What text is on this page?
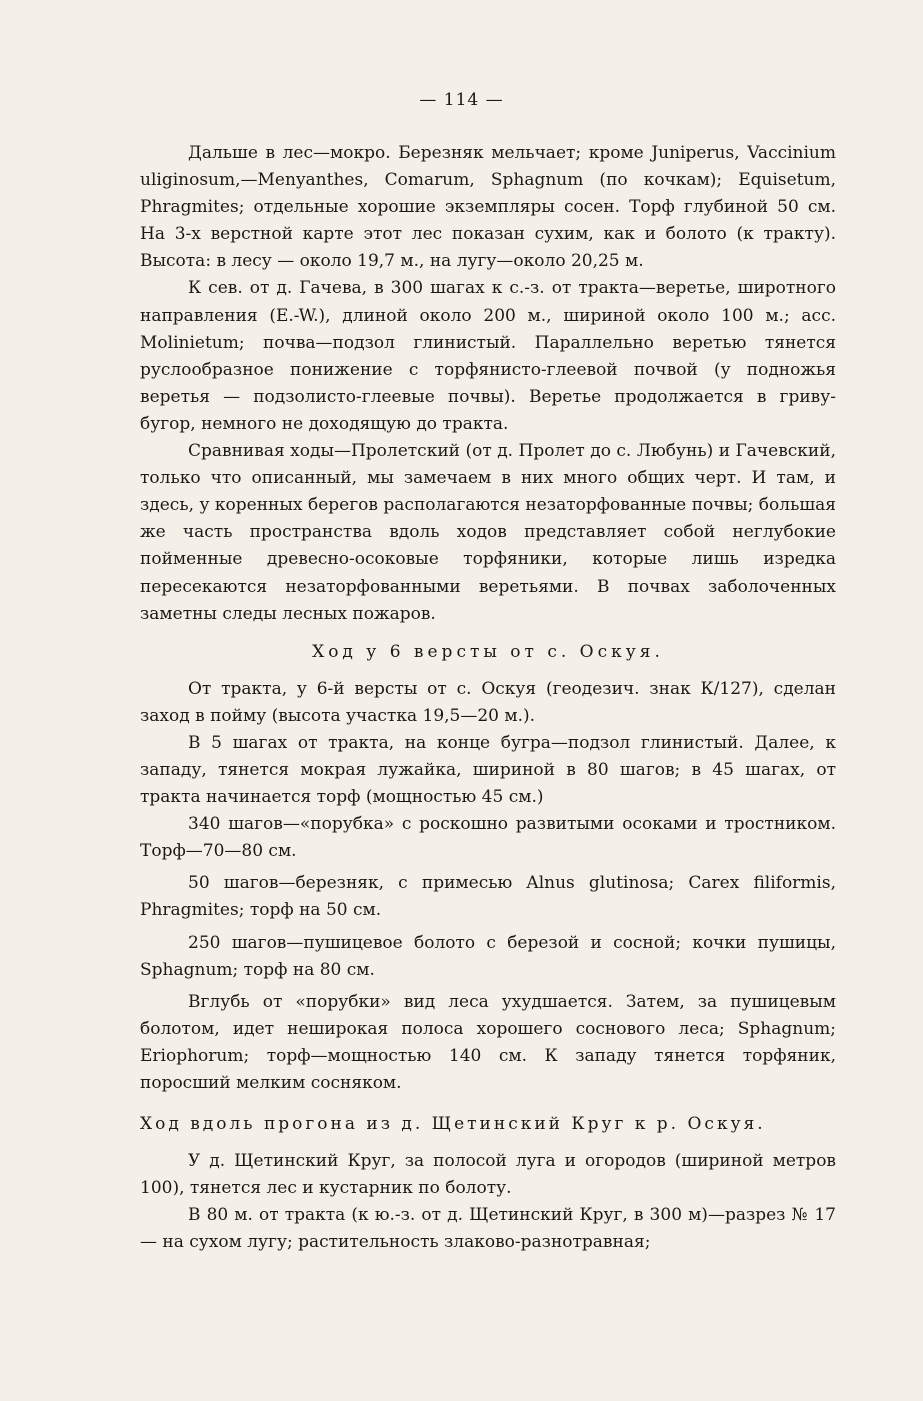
— 114 —

Дальше в лес—мокро. Березняк мельчает; кроме Juniperus, Vaccinium uliginosum,—Menyanthes, Comarum, Sphagnum (по кочкам); Equisetum, Phragmites; отдельные хорошие экземпляры сосен. Торф глубиной 50 см. На 3-х верстной карте этот лес показан сухим, как и болото (к тракту). Высота: в лесу — около 19,7 м., на лугу—около 20,25 м.

К сев. от д. Гачева, в 300 шагах к с.-з. от тракта—веретье, широтного направления (E.-W.), длиной около 200 м., шириной около 100 м.; асс. Molinietum; почва—подзол глинистый. Параллельно веретью тянется руслообразное понижение с торфянисто-глеевой почвой (у подножья веретья — подзолисто-глеевые почвы). Веретье продолжается в гриву-бугор, немного не доходящую до тракта.

Сравнивая ходы—Пролетский (от д. Пролет до с. Любунь) и Гачевский, только что описанный, мы замечаем в них много общих черт. И там, и здесь, у коренных берегов располагаются незаторфованные почвы; большая же часть пространства вдоль ходов представляет собой неглубокие пойменные древесно-осоковые торфяники, которые лишь изредка пересекаются незаторфованными веретьями. В почвах заболоченных заметны следы лесных пожаров.

Ход у 6 версты от с. Оскуя.

От тракта, у 6-й версты от с. Оскуя (геодезич. знак К/127), сделан заход в пойму (высота участка 19,5—20 м.).

В 5 шагах от тракта, на конце бугра—подзол глинистый. Далее, к западу, тянется мокрая лужайка, шириной в 80 шагов; в 45 шагах, от тракта начинается торф (мощностью 45 см.)

340 шагов—«порубка» с роскошно развитыми осоками и тростником. Торф—70—80 см.

50 шагов—березняк, с примесью Alnus glutinosa; Carex filiformis, Phragmites; торф на 50 см.

250 шагов—пушицевое болото с березой и сосной; кочки пушицы, Sphagnum; торф на 80 см.

Вглубь от «порубки» вид леса ухудшается. Затем, за пушицевым болотом, идет неширокая полоса хорошего соснового леса; Sphagnum; Eriophorum; торф—мощностью 140 см. К западу тянется торфяник, поросший мелким сосняком.

Ход вдоль прогона из д. Щетинский Круг к р. Оскуя.

У д. Щетинский Круг, за полосой луга и огородов (шириной метров 100), тянется лес и кустарник по болоту.

В 80 м. от тракта (к ю.-з. от д. Щетинский Круг, в 300 м)—разрез № 17 — на сухом лугу; растительность злаково-разнотравная;
